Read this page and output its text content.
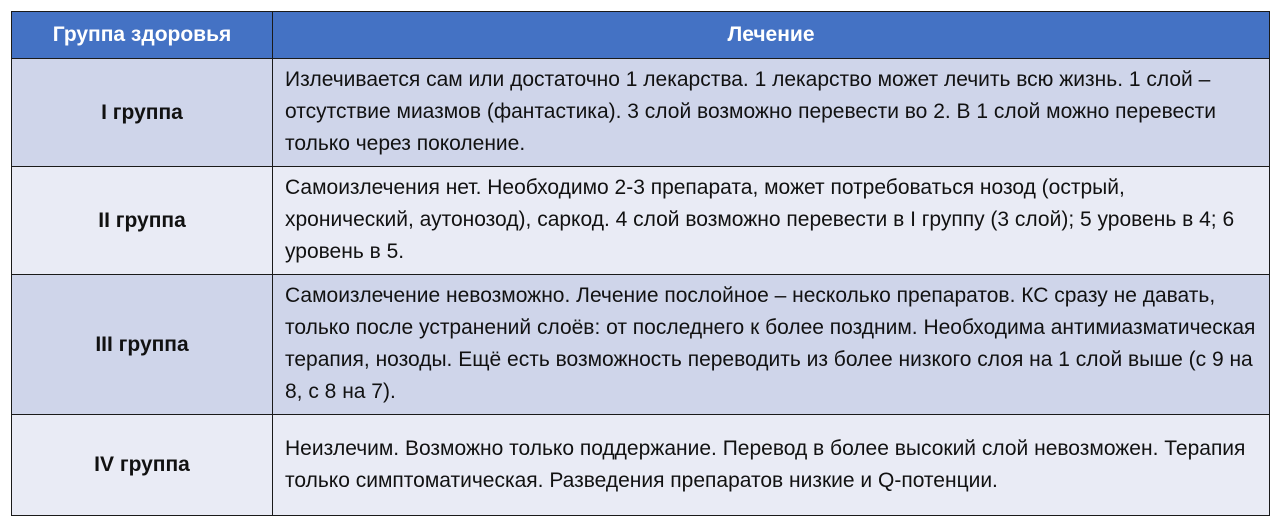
Группа здоровья	Лечение
I группа	Излечивается сам или достаточно 1 лекарства. 1 лекарство может лечить всю жизнь. 1 слой – отсутствие миазмов (фантастика). 3 слой возможно перевести во 2. В 1 слой можно перевести только через поколение.
II группа	Самоизлечения нет. Необходимо 2-3 препарата, может потребоваться нозод (острый, хронический, аутонозод), саркод. 4 слой возможно перевести в I группу (3 слой); 5 уровень в 4; 6 уровень в 5.
III группа	Самоизлечение невозможно. Лечение послойное – несколько препаратов. КС сразу не давать, только после устранений слоёв: от последнего к более поздним. Необходима антимиазматическая терапия, нозоды. Ещё есть возможность переводить из более низкого слоя на 1 слой выше (с 9 на 8, с 8 на 7).
IV группа	Неизлечим. Возможно только поддержание. Перевод в более высокий слой невозможен. Терапия только симптоматическая. Разведения препаратов низкие и Q-потенции.
